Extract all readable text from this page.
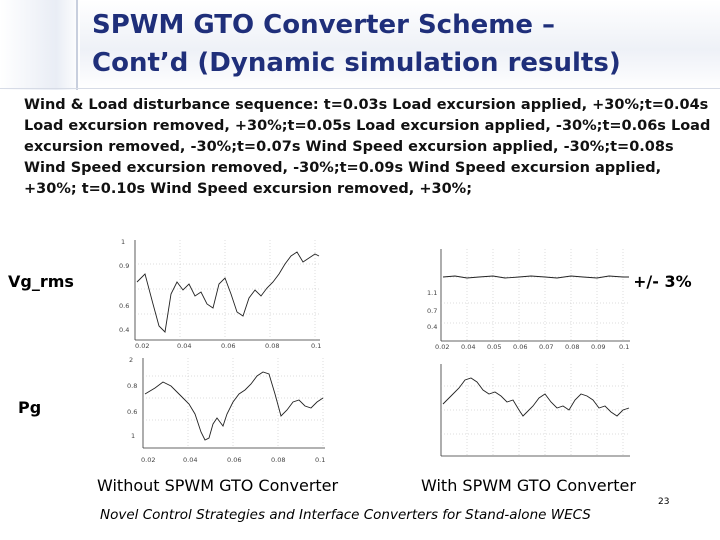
SPWM GTO Converter Scheme –
Cont’d (Dynamic simulation results)

Wind & Load disturbance sequence: t=0.03s Load excursion applied, +30%;t=0.04s Load excursion removed, +30%;t=0.05s Load excursion applied, -30%;t=0.06s Load excursion removed, -30%;t=0.07s Wind Speed excursion applied, -30%;t=0.08s Wind Speed excursion removed, -30%;t=0.09s Wind Speed excursion applied, +30%; t=0.10s Wind Speed excursion removed, +30%;

Vg_rms	+/- 3%
Pg
0.02	0.04	0.06	0.08	0.1
1
0.9
0.6
0.4
0.02 0.04 0.05 0.06 0.07 0.08 0.09 0.1
1.1
0.7
0.4
0.02	0.04	0.06	0.08	0.1
2
0.8
0.6
1
Without SPWM GTO Converter	With SPWM GTO Converter
Novel Control Strategies and Interface Converters for Stand-alone WECS
23
